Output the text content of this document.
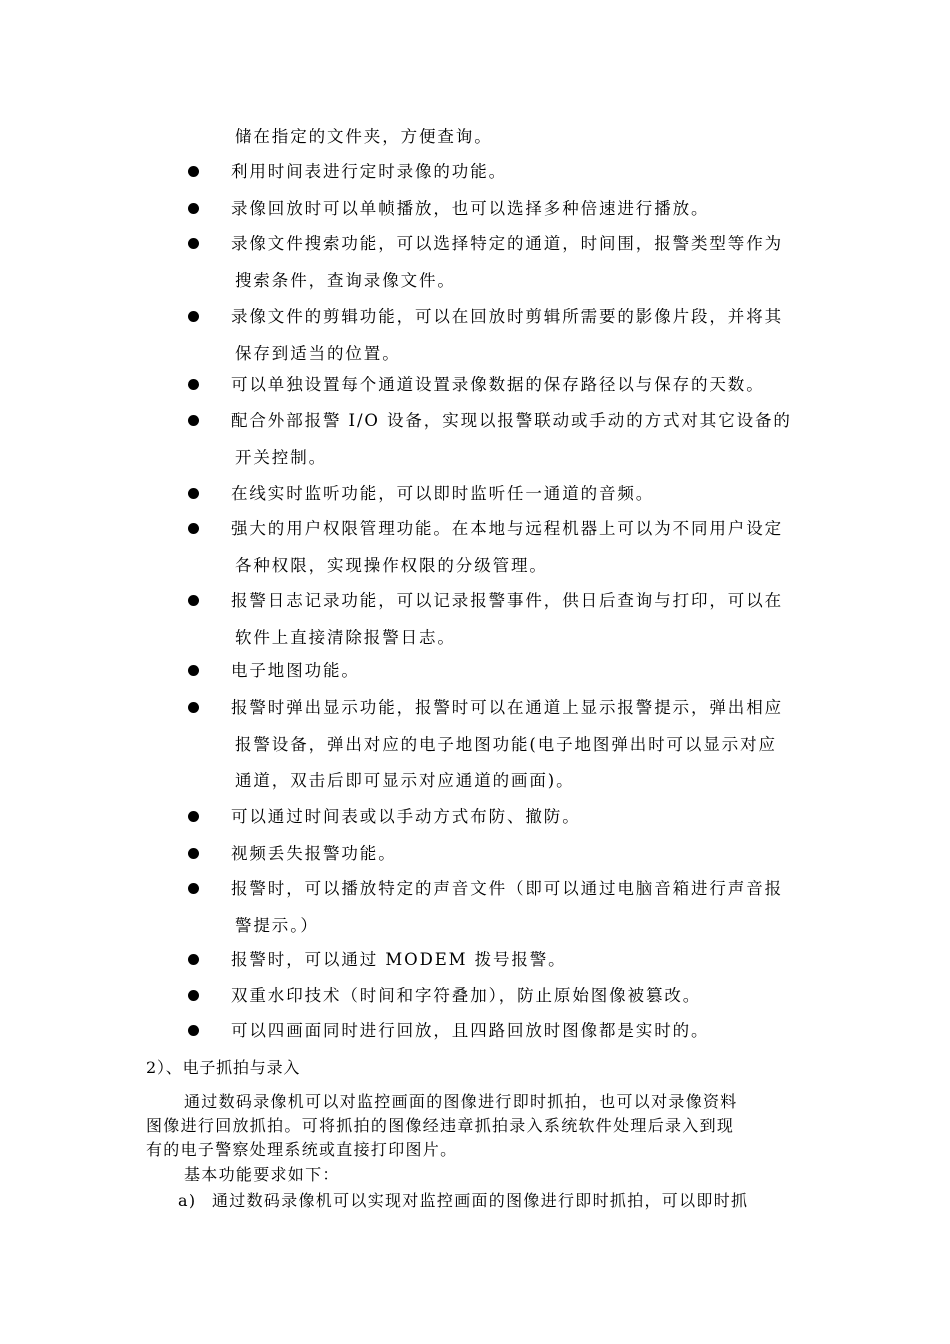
储在指定的文件夹，方便查询。
利用时间表进行定时录像的功能。
录像回放时可以单帧播放，也可以选择多种倍速进行播放。
录像文件搜索功能，可以选择特定的通道，时间围，报警类型等作为
搜索条件，查询录像文件。
录像文件的剪辑功能，可以在回放时剪辑所需要的影像片段，并将其
保存到适当的位置。
可以单独设置每个通道设置录像数据的保存路径以与保存的天数。
配合外部报警 I/O 设备，实现以报警联动或手动的方式对其它设备的
开关控制。
在线实时监听功能，可以即时监听任一通道的音频。
强大的用户权限管理功能。在本地与远程机器上可以为不同用户设定
各种权限，实现操作权限的分级管理。
报警日志记录功能，可以记录报警事件，供日后查询与打印，可以在
软件上直接清除报警日志。
电子地图功能。
报警时弹出显示功能，报警时可以在通道上显示报警提示，弹出相应
报警设备，弹出对应的电子地图功能(电子地图弹出时可以显示对应
通道，双击后即可显示对应通道的画面)。
可以通过时间表或以手动方式布防、撤防。
视频丢失报警功能。
报警时，可以播放特定的声音文件（即可以通过电脑音箱进行声音报
警提示。）
报警时，可以通过 MODEM 拨号报警。
双重水印技术（时间和字符叠加），防止原始图像被篡改。
可以四画面同时进行回放，且四路回放时图像都是实时的。
2）、电子抓拍与录入
通过数码录像机可以对监控画面的图像进行即时抓拍，也可以对录像资料
图像进行回放抓拍。可将抓拍的图像经违章抓拍录入系统软件处理后录入到现
有的电子警察处理系统或直接打印图片。
基本功能要求如下：
a) 通过数码录像机可以实现对监控画面的图像进行即时抓拍，可以即时抓
